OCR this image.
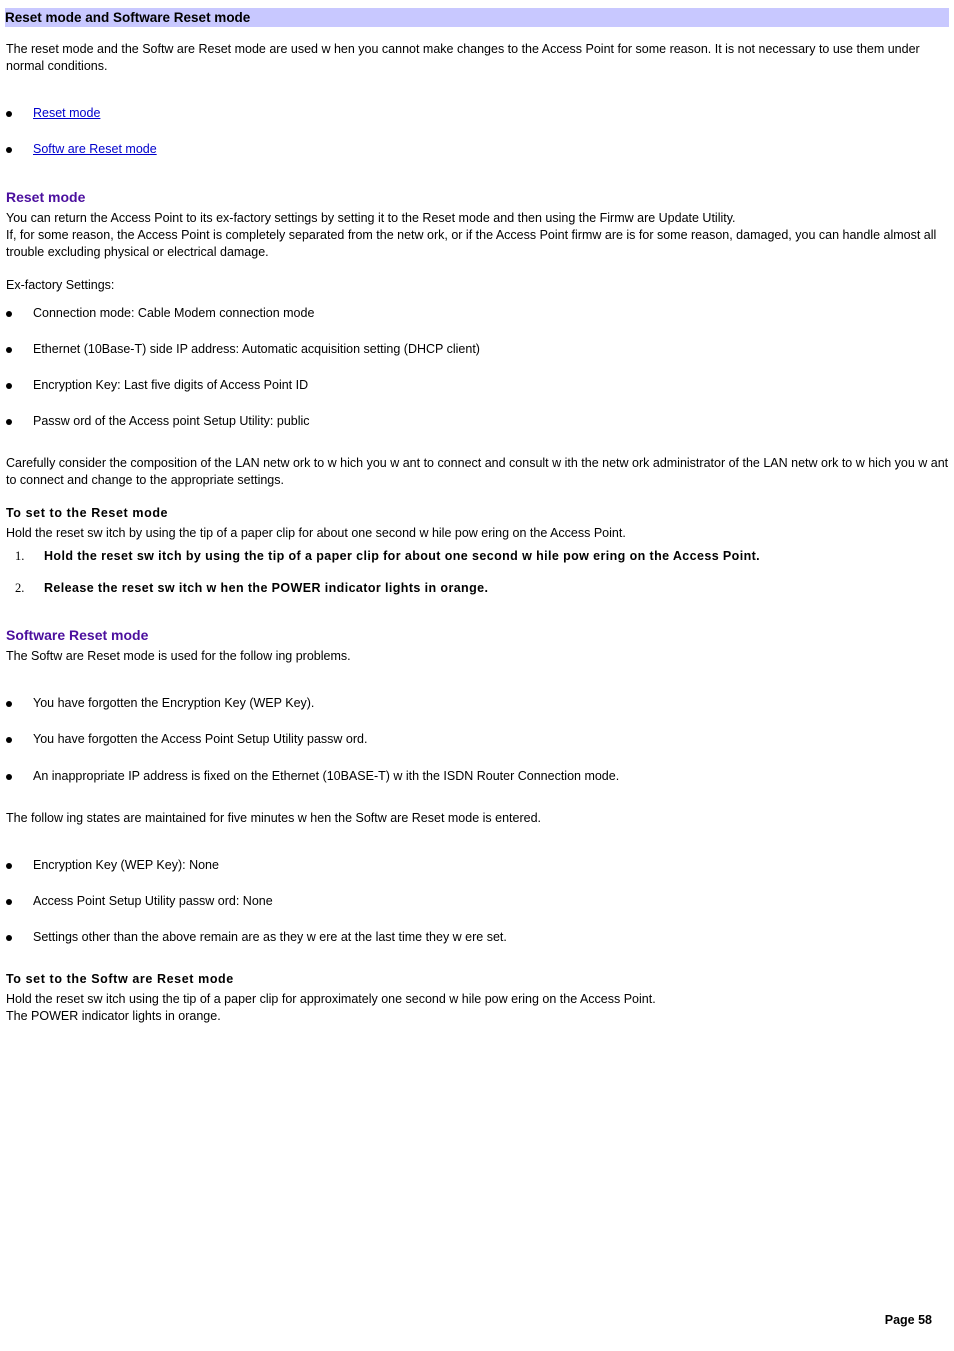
Reset mode and Software Reset mode

The reset mode and the Softw are Reset mode are used w hen you cannot make changes to the Access Point for some reason. It is not necessary to use them under normal conditions.

Reset mode
Softw are Reset mode
Reset mode

You can return the Access Point to its ex-factory settings by setting it to the Reset mode and then using the Firmw are Update Utility.

If, for some reason, the Access Point is completely separated from the netw ork, or if the Access Point firmw are is for some reason, damaged, you can handle almost all trouble excluding physical or electrical damage.

Ex-factory Settings:

Connection mode: Cable Modem connection mode
Ethernet (10Base-T) side IP address: Automatic acquisition setting (DHCP client)
Encryption Key: Last five digits of Access Point ID
Passw ord of the Access point Setup Utility: public

Carefully consider the composition of the LAN netw ork to w hich you w ant to connect and consult w ith the netw ork administrator of the LAN netw ork to w hich you w ant to connect and change to the appropriate settings.

To set to the Reset mode

Hold the reset sw itch by using the tip of a paper clip for about one second w hile pow ering on the Access Point.

1. Hold the reset sw itch by using the tip of a paper clip for about one second w hile pow ering on the Access Point.
2. Release the reset sw itch w hen the POWER indicator lights in orange.
Software Reset mode

The Softw are Reset mode is used for the follow ing problems.

You have forgotten the Encryption Key (WEP Key).
You have forgotten the Access Point Setup Utility passw ord.
An inappropriate IP address is fixed on the Ethernet (10BASE-T) w ith the ISDN Router Connection mode.

The follow ing states are maintained for five minutes w hen the Softw are Reset mode is entered.

Encryption Key (WEP Key): None
Access Point Setup Utility passw ord: None
Settings other than the above remain are as they w ere at the last time they w ere set.
To set to the Softw are Reset mode

Hold the reset sw itch using the tip of a paper clip for approximately one second w hile pow ering on the Access Point.

The POWER indicator lights in orange.

Page 58
